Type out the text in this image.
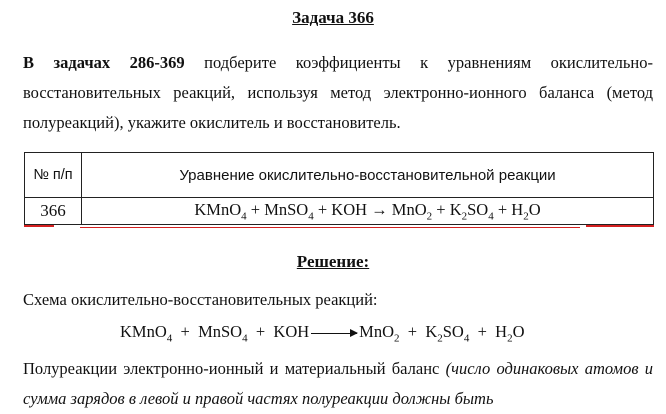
Задача 366
В задачах 286-369 подберите коэффициенты к уравнениям окислительно-восстановительных реакций, используя метод электронно-ионного баланса (метод полуреакций), укажите окислитель и восстановитель.
№ п/п	Уравнение окислительно-восстановительной реакции
366	KMnO$_4$ + MnSO$_4$ + KOH → $MnO_2 + K_2SO_4 + H_2O$
Решение:
Схема окислительно-восстановительных реакций:
KMnO$_4$ + MnSO$_4$ + KOH	$MnO_2 + K_2SO_4 + H_2O$
Полуреакции электронно-ионный и материальный баланс (число одинаковых атомов и сумма зарядов в левой и правой частях полуреакции должны быть
